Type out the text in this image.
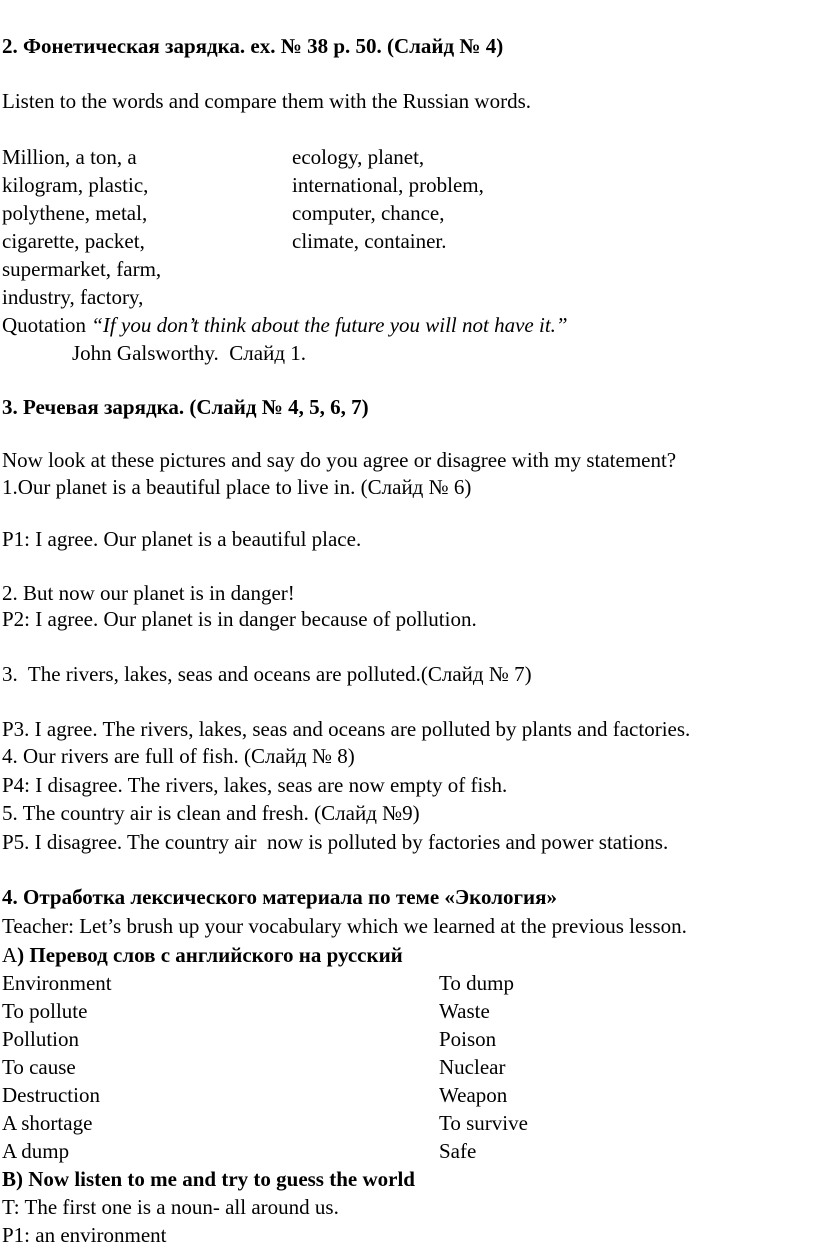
2. Фонетическая зарядка. ex. № 38 p. 50. (Слайд № 4)
Listen to the words and compare them with the Russian words.
Million, a ton, a
kilogram, plastic,
polythene, metal,
cigarette, packet,
supermarket, farm,
industry, factory,
ecology, planet,
international, problem,
computer, chance,
climate, container.
Quotation “If you don’t think about the future you will not have it.”
John Galsworthy.  Слайд 1.
3. Речевая зарядка. (Слайд № 4, 5, 6, 7)
Now look at these pictures and say do you agree or disagree with my statement?
1.Our planet is a beautiful place to live in. (Слайд № 6)
P1: I agree. Our planet is a beautiful place.
2. But now our planet is in danger!
P2: I agree. Our planet is in danger because of pollution.
3.  The rivers, lakes, seas and oceans are polluted.(Слайд № 7)
P3. I agree. The rivers, lakes, seas and oceans are polluted by plants and factories.
4. Our rivers are full of fish. (Слайд № 8)
P4: I disagree. The rivers, lakes, seas are now empty of fish.
5. The country air is clean and fresh. (Слайд №9)
P5. I disagree. The country air  now is polluted by factories and power stations.
4. Отработка лексического материала по теме «Экология»
Teacher: Let’s brush up your vocabulary which we learned at the previous lesson.
А) Перевод слов с английского на русский
Environment
To pollute
Pollution
To cause
Destruction
A shortage
A dump
To dump
Waste
Poison
Nuclear
Weapon
To survive
Safe
B) Now listen to me and try to guess the world
T: The first one is a noun- all around us.
P1: an environment
